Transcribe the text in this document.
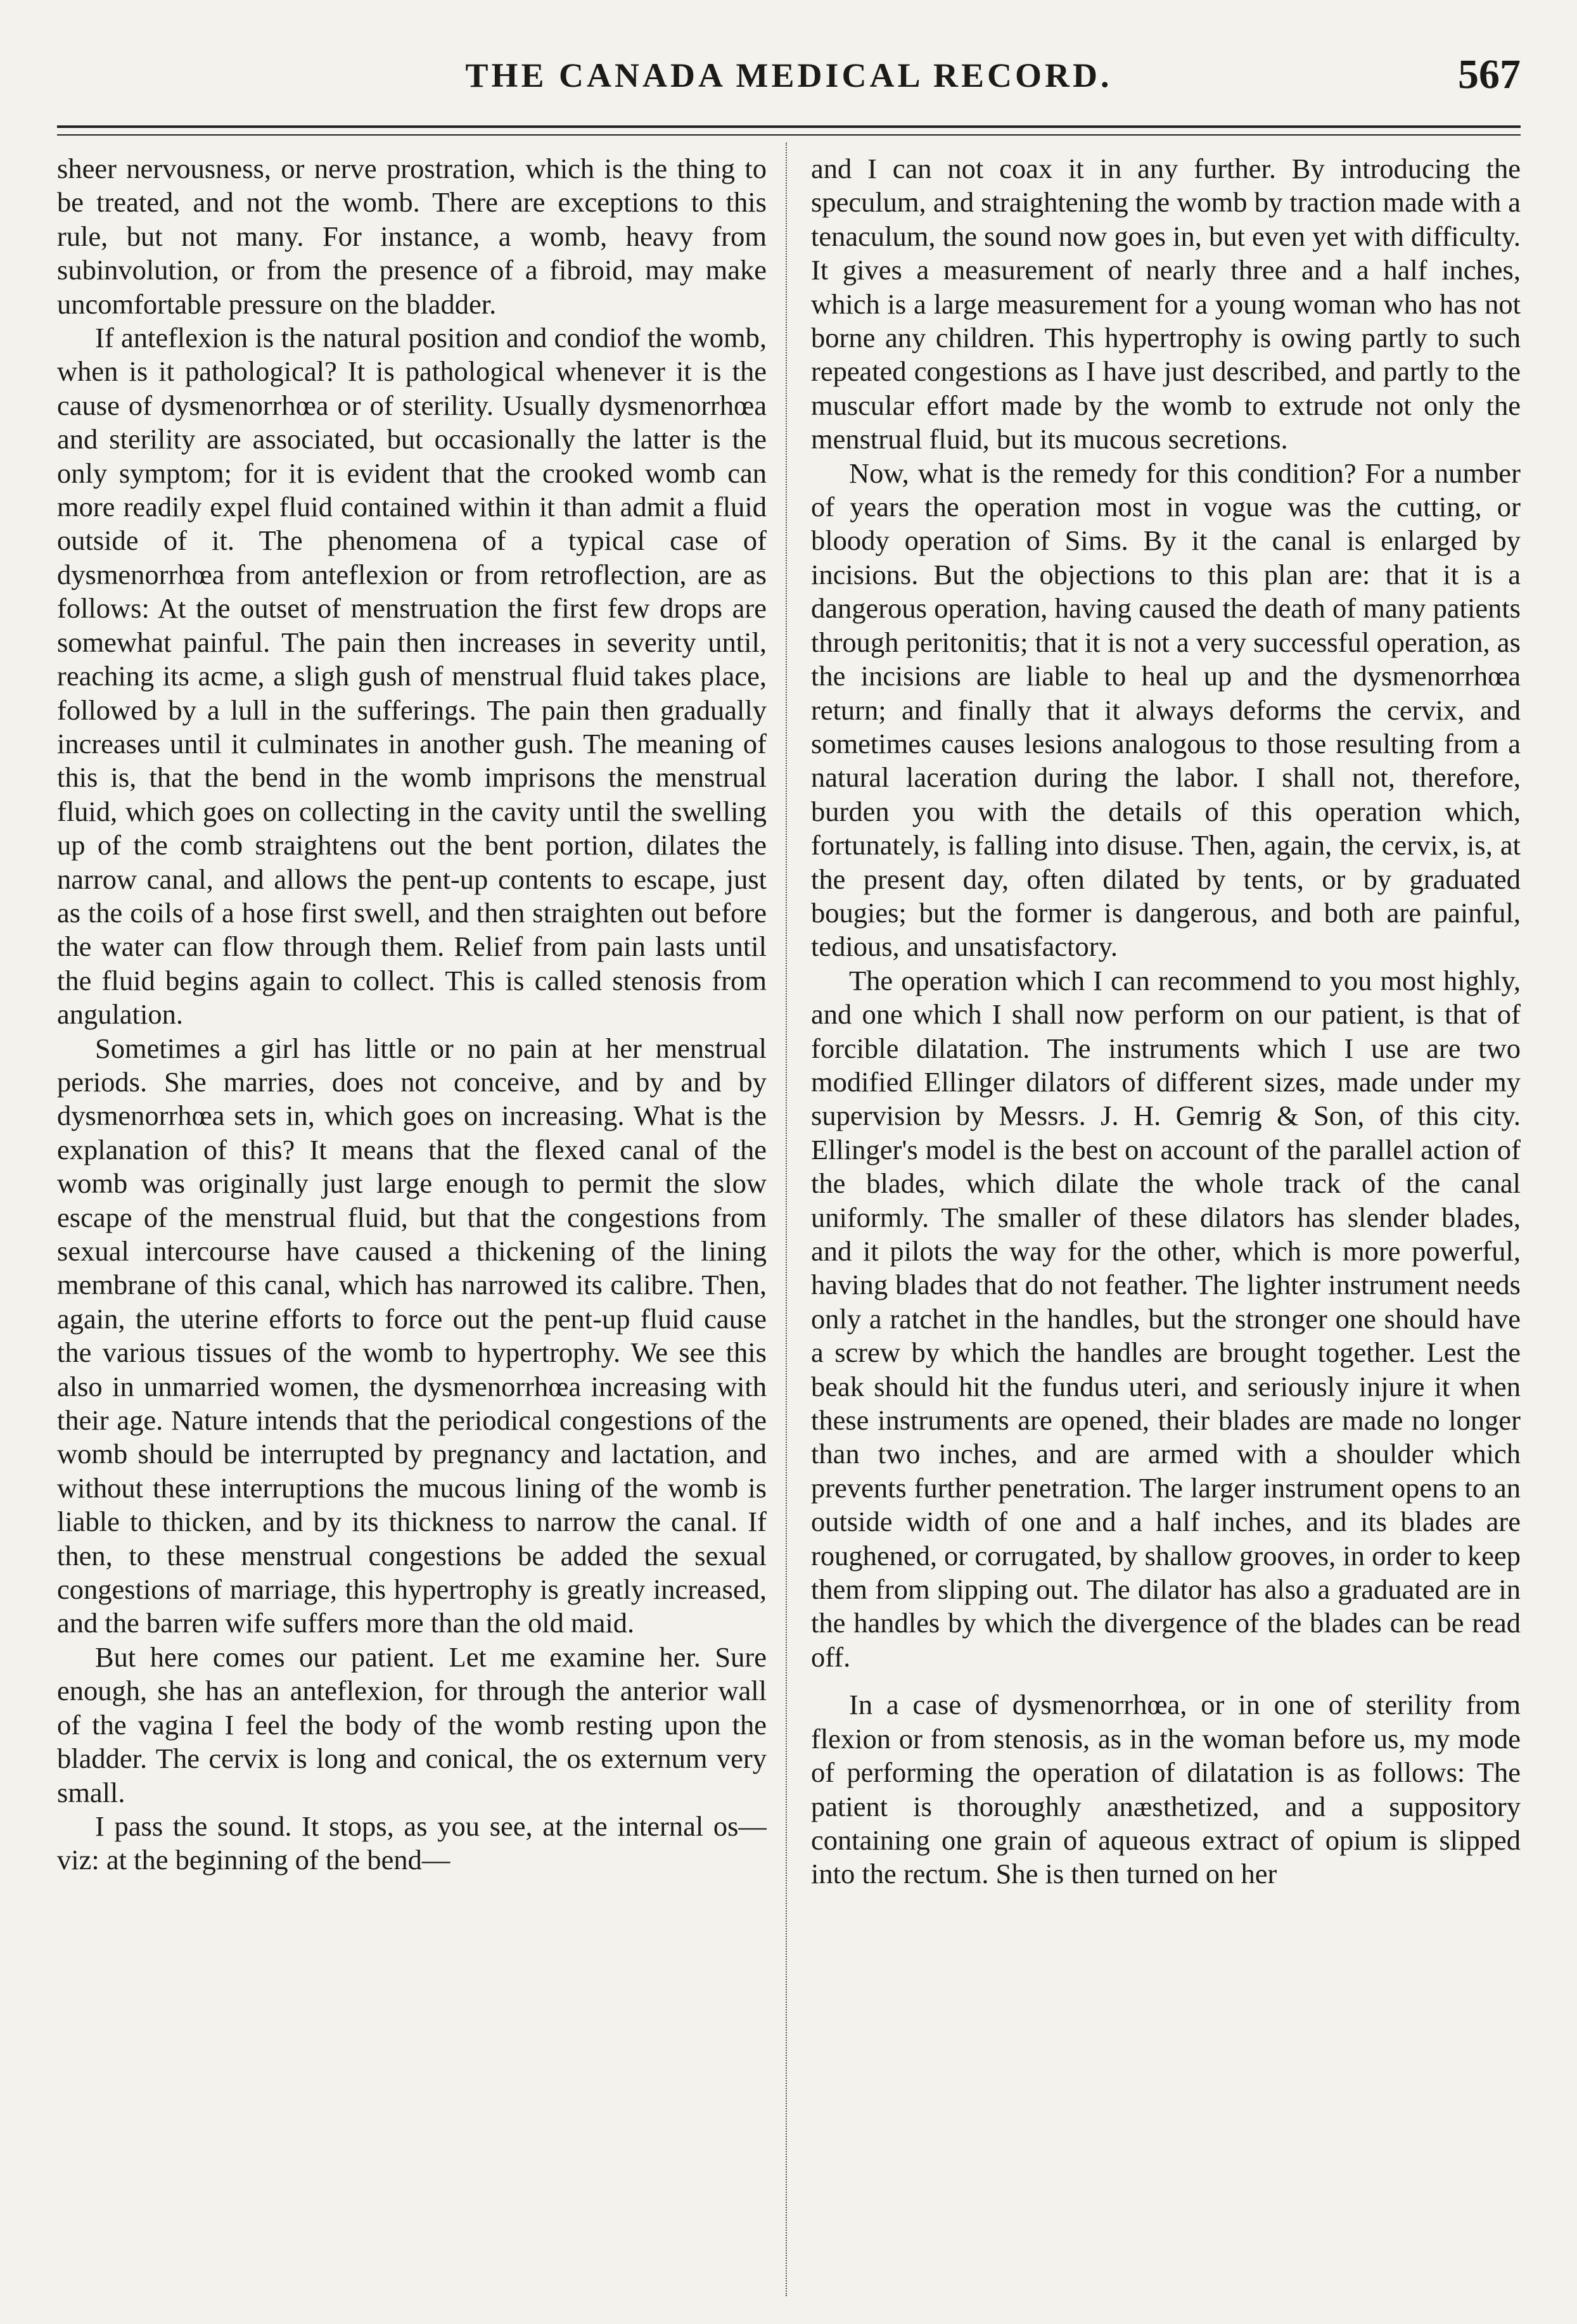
THE CANADA MEDICAL RECORD.	567

sheer nervousness, or nerve prostration, which is the thing to be treated, and not the womb. There are exceptions to this rule, but not many. For instance, a womb, heavy from subinvolution, or from the presence of a fibroid, may make uncomfortable pressure on the bladder.

If anteflexion is the natural position and condiof the womb, when is it pathological? It is pathological whenever it is the cause of dysmenorrhœa or of sterility. Usually dysmenorrhœa and sterility are associated, but occasionally the latter is the only symptom; for it is evident that the crooked womb can more readily expel fluid contained within it than admit a fluid outside of it. The phenomena of a typical case of dysmenorrhœa from anteflexion or from retroflection, are as follows: At the outset of menstruation the first few drops are somewhat painful. The pain then increases in severity until, reaching its acme, a sligh gush of menstrual fluid takes place, followed by a lull in the sufferings. The pain then gradually increases until it culminates in another gush. The meaning of this is, that the bend in the womb imprisons the menstrual fluid, which goes on collecting in the cavity until the swelling up of the comb straightens out the bent portion, dilates the narrow canal, and allows the pent-up contents to escape, just as the coils of a hose first swell, and then straighten out before the water can flow through them. Relief from pain lasts until the fluid begins again to collect. This is called stenosis from angulation.

Sometimes a girl has little or no pain at her menstrual periods. She marries, does not conceive, and by and by dysmenorrhœa sets in, which goes on increasing. What is the explanation of this? It means that the flexed canal of the womb was originally just large enough to permit the slow escape of the menstrual fluid, but that the congestions from sexual intercourse have caused a thickening of the lining membrane of this canal, which has narrowed its calibre. Then, again, the uterine efforts to force out the pent-up fluid cause the various tissues of the womb to hypertrophy. We see this also in unmarried women, the dysmenorrhœa increasing with their age. Nature intends that the periodical congestions of the womb should be interrupted by pregnancy and lactation, and without these interruptions the mucous lining of the womb is liable to thicken, and by its thickness to narrow the canal. If then, to these menstrual congestions be added the sexual congestions of marriage, this hypertrophy is greatly increased, and the barren wife suffers more than the old maid.

But here comes our patient. Let me examine her. Sure enough, she has an anteflexion, for through the anterior wall of the vagina I feel the body of the womb resting upon the bladder. The cervix is long and conical, the os externum very small.

I pass the sound. It stops, as you see, at the internal os—viz: at the beginning of the bend—

and I can not coax it in any further. By introducing the speculum, and straightening the womb by traction made with a tenaculum, the sound now goes in, but even yet with difficulty. It gives a measurement of nearly three and a half inches, which is a large measurement for a young woman who has not borne any children. This hypertrophy is owing partly to such repeated congestions as I have just described, and partly to the muscular effort made by the womb to extrude not only the menstrual fluid, but its mucous secretions.

Now, what is the remedy for this condition? For a number of years the operation most in vogue was the cutting, or bloody operation of Sims. By it the canal is enlarged by incisions. But the objections to this plan are: that it is a dangerous operation, having caused the death of many patients through peritonitis; that it is not a very successful operation, as the incisions are liable to heal up and the dysmenorrhœa return; and finally that it always deforms the cervix, and sometimes causes lesions analogous to those resulting from a natural laceration during the labor. I shall not, therefore, burden you with the details of this operation which, fortunately, is falling into disuse. Then, again, the cervix, is, at the present day, often dilated by tents, or by graduated bougies; but the former is dangerous, and both are painful, tedious, and unsatisfactory.

The operation which I can recommend to you most highly, and one which I shall now perform on our patient, is that of forcible dilatation. The instruments which I use are two modified Ellinger dilators of different sizes, made under my supervision by Messrs. J. H. Gemrig & Son, of this city. Ellinger's model is the best on account of the parallel action of the blades, which dilate the whole track of the canal uniformly. The smaller of these dilators has slender blades, and it pilots the way for the other, which is more powerful, having blades that do not feather. The lighter instrument needs only a ratchet in the handles, but the stronger one should have a screw by which the handles are brought together. Lest the beak should hit the fundus uteri, and seriously injure it when these instruments are opened, their blades are made no longer than two inches, and are armed with a shoulder which prevents further penetration. The larger instrument opens to an outside width of one and a half inches, and its blades are roughened, or corrugated, by shallow grooves, in order to keep them from slipping out. The dilator has also a graduated are in the handles by which the divergence of the blades can be read off.

In a case of dysmenorrhœa, or in one of sterility from flexion or from stenosis, as in the woman before us, my mode of performing the operation of dilatation is as follows: The patient is thoroughly anæsthetized, and a suppository containing one grain of aqueous extract of opium is slipped into the rectum. She is then turned on her
